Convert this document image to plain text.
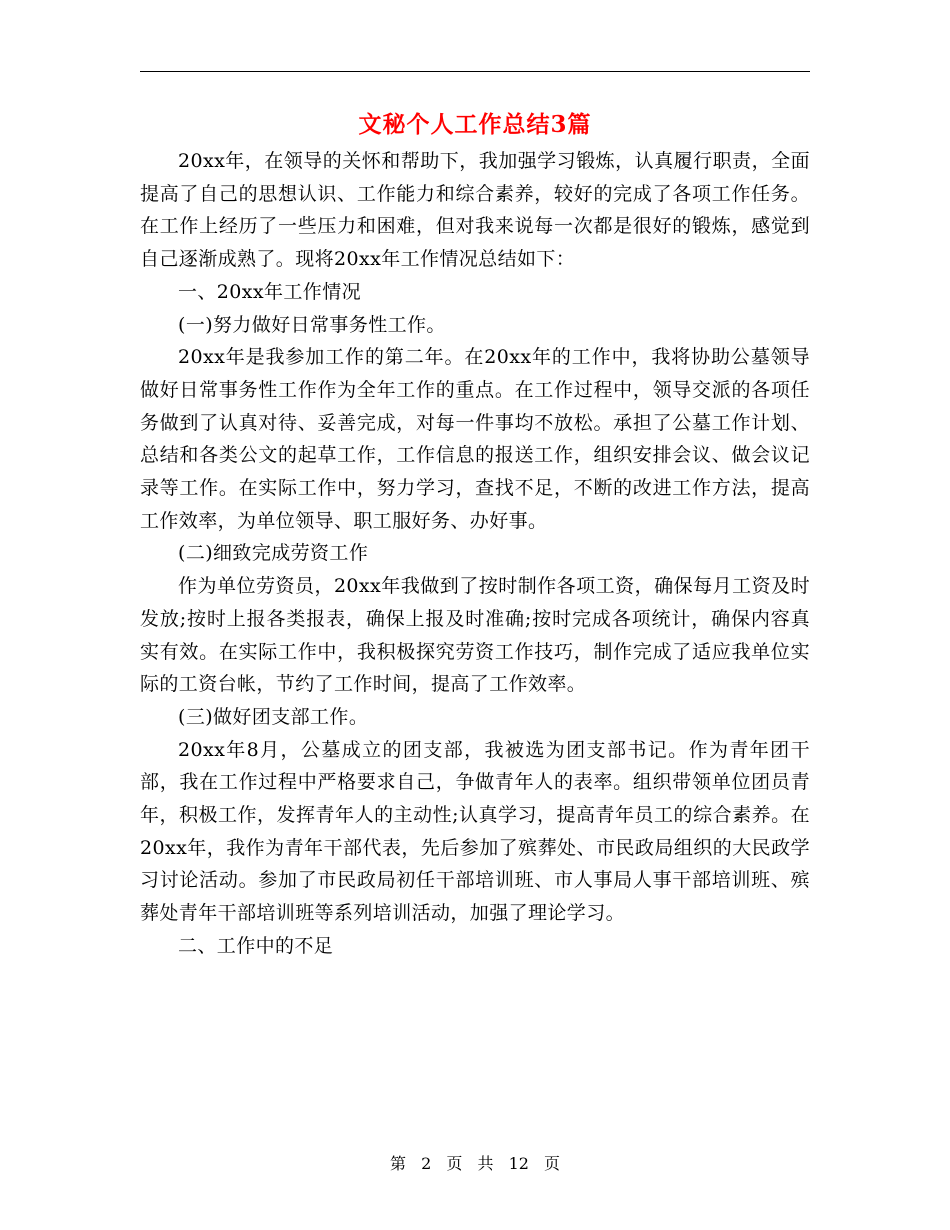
文秘个人工作总结3篇

20xx年，在领导的关怀和帮助下，我加强学习锻炼，认真履行职责，全面提高了自己的思想认识、工作能力和综合素养，较好的完成了各项工作任务。在工作上经历了一些压力和困难，但对我来说每一次都是很好的锻炼，感觉到自己逐渐成熟了。现将20xx年工作情况总结如下：

一、20xx年工作情况

(一)努力做好日常事务性工作。

20xx年是我参加工作的第二年。在20xx年的工作中，我将协助公墓领导做好日常事务性工作作为全年工作的重点。在工作过程中，领导交派的各项任务做到了认真对待、妥善完成，对每一件事均不放松。承担了公墓工作计划、总结和各类公文的起草工作，工作信息的报送工作，组织安排会议、做会议记录等工作。在实际工作中，努力学习，查找不足，不断的改进工作方法，提高工作效率，为单位领导、职工服好务、办好事。

(二)细致完成劳资工作

作为单位劳资员，20xx年我做到了按时制作各项工资，确保每月工资及时发放;按时上报各类报表，确保上报及时准确;按时完成各项统计，确保内容真实有效。在实际工作中，我积极探究劳资工作技巧，制作完成了适应我单位实际的工资台帐，节约了工作时间，提高了工作效率。

(三)做好团支部工作。

20xx年8月，公墓成立的团支部，我被选为团支部书记。作为青年团干部，我在工作过程中严格要求自己，争做青年人的表率。组织带领单位团员青年，积极工作，发挥青年人的主动性;认真学习，提高青年员工的综合素养。在20xx年，我作为青年干部代表，先后参加了殡葬处、市民政局组织的大民政学习讨论活动。参加了市民政局初任干部培训班、市人事局人事干部培训班、殡葬处青年干部培训班等系列培训活动，加强了理论学习。

二、工作中的不足

第 2 页 共 12 页
